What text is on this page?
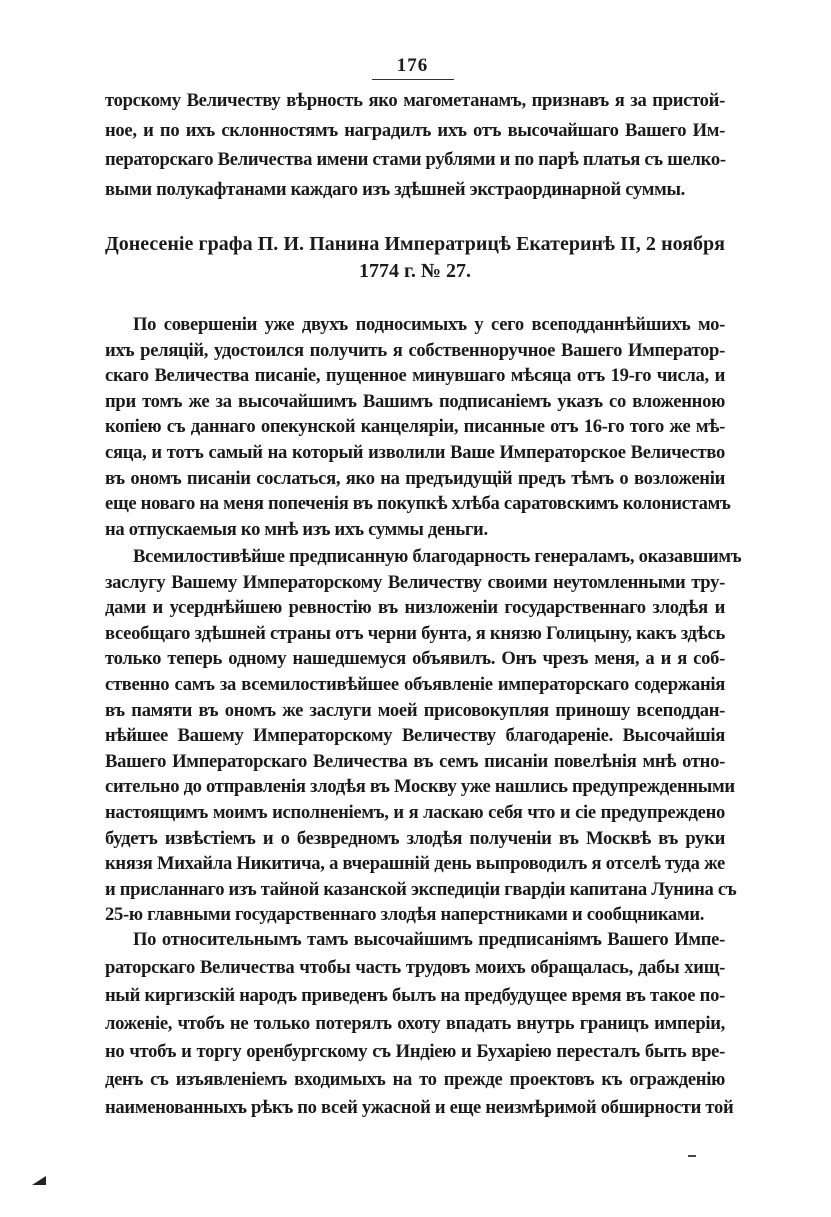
176
торскому Величеству вѣрность яко магометанамъ, признавъ я за пристой-
ное, и по ихъ склонностямъ наградилъ ихъ отъ высочайшаго Вашего Им-
ператорскаго Величества имени стами рублями и по парѣ платья съ шелко-
выми полукафтанами каждаго изъ здѣшней экстраординарной суммы.
Донесеніе графа П. И. Панина Императрицѣ Екатеринѣ II, 2 ноября
1774 г. № 27.
По совершеніи уже двухъ подносимыхъ у сего всеподданнѣйшихъ мо-
ихъ реляцій, удостоился получить я собственноручное Вашего Император-
скаго Величества писаніе, пущенное минувшаго мѣсяца отъ 19-го числа, и
при томъ же за высочайшимъ Вашимъ подписаніемъ указъ со вложенною
копіею съ даннаго опекунской канцеляріи, писанные отъ 16-го того же мѣ-
сяца, и тотъ самый на который изволили Ваше Императорское Величество
въ ономъ писаніи сослаться, яко на предъидущій предъ тѣмъ о возложеніи
еще новаго на меня попеченія въ покупкѣ хлѣба саратовскимъ колонистамъ
на отпускаемыя ко мнѣ изъ ихъ суммы деньги.
Всемилостивѣйше предписанную благодарность генераламъ, оказавшимъ
заслугу Вашему Императорскому Величеству своими неутомленными тру-
дами и усерднѣйшею ревностію въ низложеніи государственнаго злодѣя и
всеобщаго здѣшней страны отъ черни бунта, я князю Голицыну, какъ здѣсь
только теперь одному нашедшемуся объявилъ. Онъ чрезъ меня, а и я соб-
ственно самъ за всемилостивѣйшее объявленіе императорскаго содержанія
въ памяти въ ономъ же заслуги моей присовокупляя приношу всеподдан-
нѣйшее Вашему Императорскому Величеству благодареніе. Высочайшія
Вашего Императорскаго Величества въ семъ писаніи повелѣнія мнѣ отно-
сительно до отправленія злодѣя въ Москву уже нашлись предупрежденными
настоящимъ моимъ исполненіемъ, и я ласкаю себя что и сіе предупреждено
будетъ извѣстіемъ и о безвредномъ злодѣя полученіи въ Москвѣ въ руки
князя Михайла Никитича, а вчерашній день выпроводилъ я отселѣ туда же
и присланнаго изъ тайной казанской экспедиціи гвардіи капитана Лунина съ
25-ю главными государственнаго злодѣя наперстниками и сообщниками.
По относительнымъ тамъ высочайшимъ предписаніямъ Вашего Импе-
раторскаго Величества чтобы часть трудовъ моихъ обращалась, дабы хищ-
ный киргизскій народъ приведенъ былъ на предбудущее время въ такое по-
ложеніе, чтобъ не только потерялъ охоту впадать внутрь границъ имперіи,
но чтобъ и торгу оренбургскому съ Индіею и Бухаріею пересталъ быть вре-
денъ съ изъявленіемъ входимыхъ на то прежде проектовъ къ огражденію
наименованныхъ рѣкъ по всей ужасной и еще неизмѣримой обширности той
